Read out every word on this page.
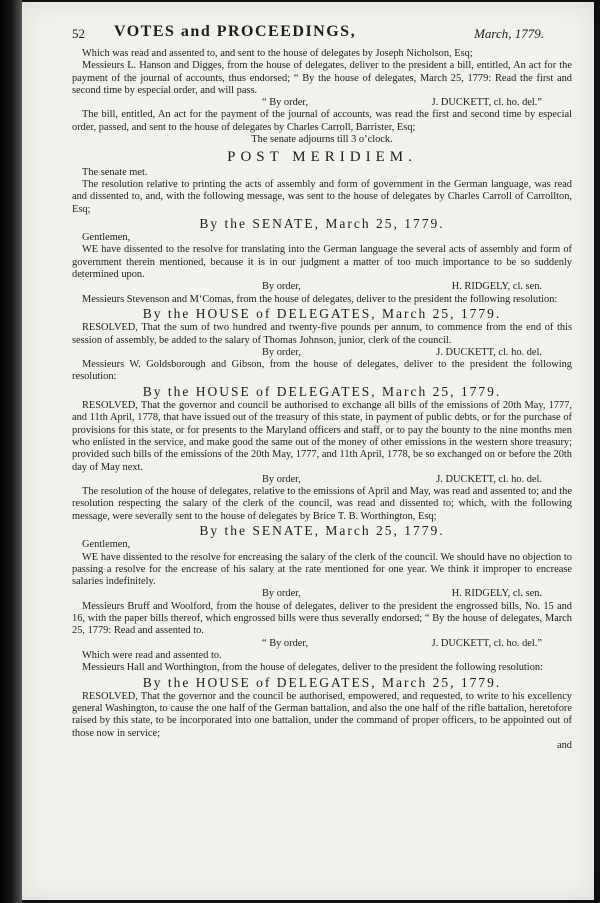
52 VOTES and PROCEEDINGS,	March, 1779.

Which was read and assented to, and sent to the house of delegates by Joseph Nicholson, Esq;

Messieurs L. Hanson and Digges, from the house of delegates, deliver to the president a bill, entitled, An act for the payment of the journal of accounts, thus endorsed; “ By the house of delegates, March 25, 1779: Read the first and second time by especial order, and will pass.

“ By order,	J. DUCKETT, cl. ho. del.”

The bill, entitled, An act for the payment of the journal of accounts, was read the first and second time by especial order, passed, and sent to the house of delegates by Charles Carroll, Barrister, Esq;

The senate adjourns till 3 o’clock.

POST MERIDIEM.

The senate met.

The resolution relative to printing the acts of assembly and form of government in the German language, was read and dissented to, and, with the following message, was sent to the house of delegates by Charles Carroll of Carrollton, Esq;

By the SENATE, March 25, 1779.

Gentlemen,

WE have dissented to the resolve for translating into the German language the several acts of assembly and form of government therein mentioned, because it is in our judgment a matter of too much importance to be so suddenly determined upon.

By order,	H. RIDGELY, cl. sen.

Messieurs Stevenson and M‘Comas, from the house of delegates, deliver to the president the following resolution:

By the HOUSE of DELEGATES, March 25, 1779.

RESOLVED, That the sum of two hundred and twenty-five pounds per annum, to commence from the end of this session of assembly, be added to the salary of Thomas Johnson, junior, clerk of the council.

By order,	J. DUCKETT, cl. ho. del.

Messieurs W. Goldsborough and Gibson, from the house of delegates, deliver to the president the following resolution:

By the HOUSE of DELEGATES, March 25, 1779.

RESOLVED, That the governor and council be authorised to exchange all bills of the emissions of 20th May, 1777, and 11th April, 1778, that have issued out of the treasury of this state, in payment of public debts, or for the purchase of provisions for this state, or for presents to the Maryland officers and staff, or to pay the bounty to the nine months men who enlisted in the service, and make good the same out of the money of other emissions in the western shore treasury; provided such bills of the emissions of the 20th May, 1777, and 11th April, 1778, be so exchanged on or before the 20th day of May next.

By order,	J. DUCKETT, cl. ho. del.

The resolution of the house of delegates, relative to the emissions of April and May, was read and assented to; and the resolution respecting the salary of the clerk of the council, was read and dissented to; which, with the following message, were severally sent to the house of delegates by Brice T. B. Worthington, Esq;

By the SENATE, March 25, 1779.

Gentlemen,

WE have dissented to the resolve for encreasing the salary of the clerk of the council. We should have no objection to passing a resolve for the encrease of his salary at the rate mentioned for one year. We think it improper to encrease salaries indefinitely.

By order,	H. RIDGELY, cl. sen.

Messieurs Bruff and Woolford, from the house of delegates, deliver to the president the engrossed bills, No. 15 and 16, with the paper bills thereof, which engrossed bills were thus severally endorsed; “ By the house of delegates, March 25, 1779: Read and assented to.

“ By order,	J. DUCKETT, cl. ho. del.”

Which were read and assented to.

Messieurs Hall and Worthington, from the house of delegates, deliver to the president the following resolution:

By the HOUSE of DELEGATES, March 25, 1779.

RESOLVED, That the governor and the council be authorised, empowered, and requested, to write to his excellency general Washington, to cause the one half of the German battalion, and also the one half of the rifle battalion, heretofore raised by this state, to be incorporated into one battalion, under the command of proper officers, to be appointed out of those now in service;

and
